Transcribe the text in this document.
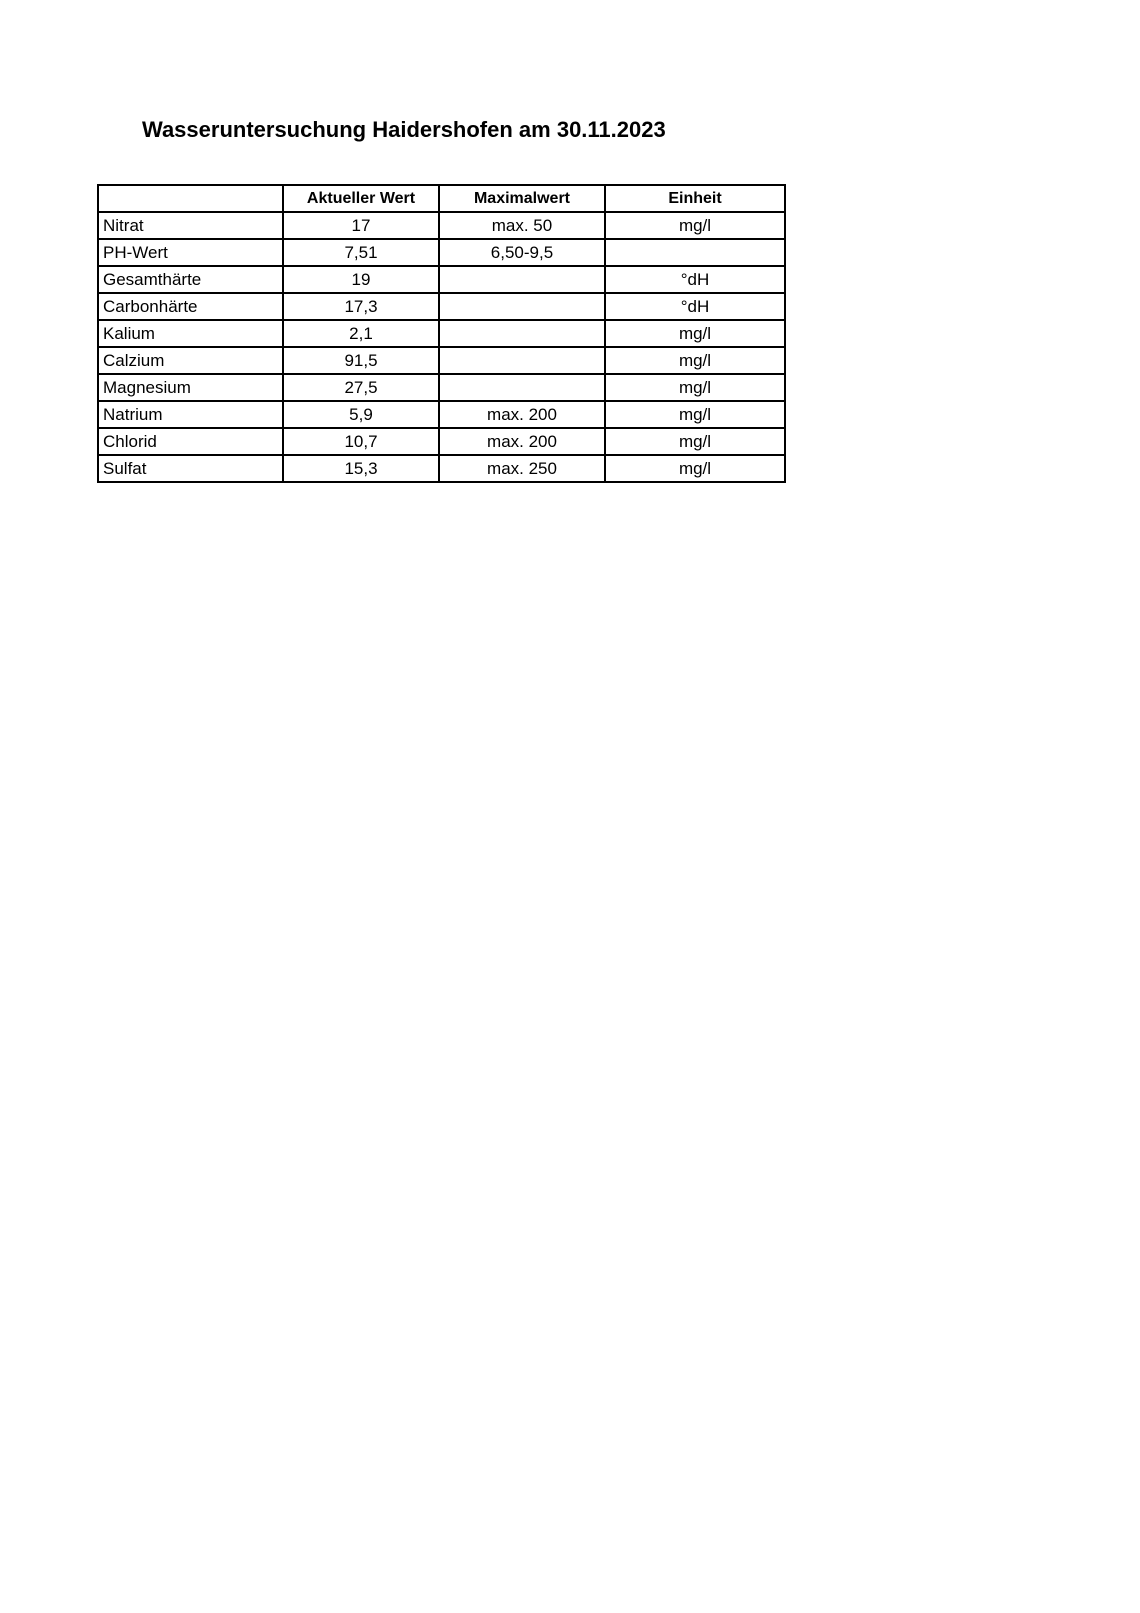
Wasseruntersuchung Haidershofen am 30.11.2023
	Aktueller Wert	Maximalwert	Einheit
Nitrat	17	max. 50	mg/l
PH-Wert	7,51	6,50-9,5	
Gesamthärte	19		°dH
Carbonhärte	17,3		°dH
Kalium	2,1		mg/l
Calzium	91,5		mg/l
Magnesium	27,5		mg/l
Natrium	5,9	max. 200	mg/l
Chlorid	10,7	max. 200	mg/l
Sulfat	15,3	max. 250	mg/l
